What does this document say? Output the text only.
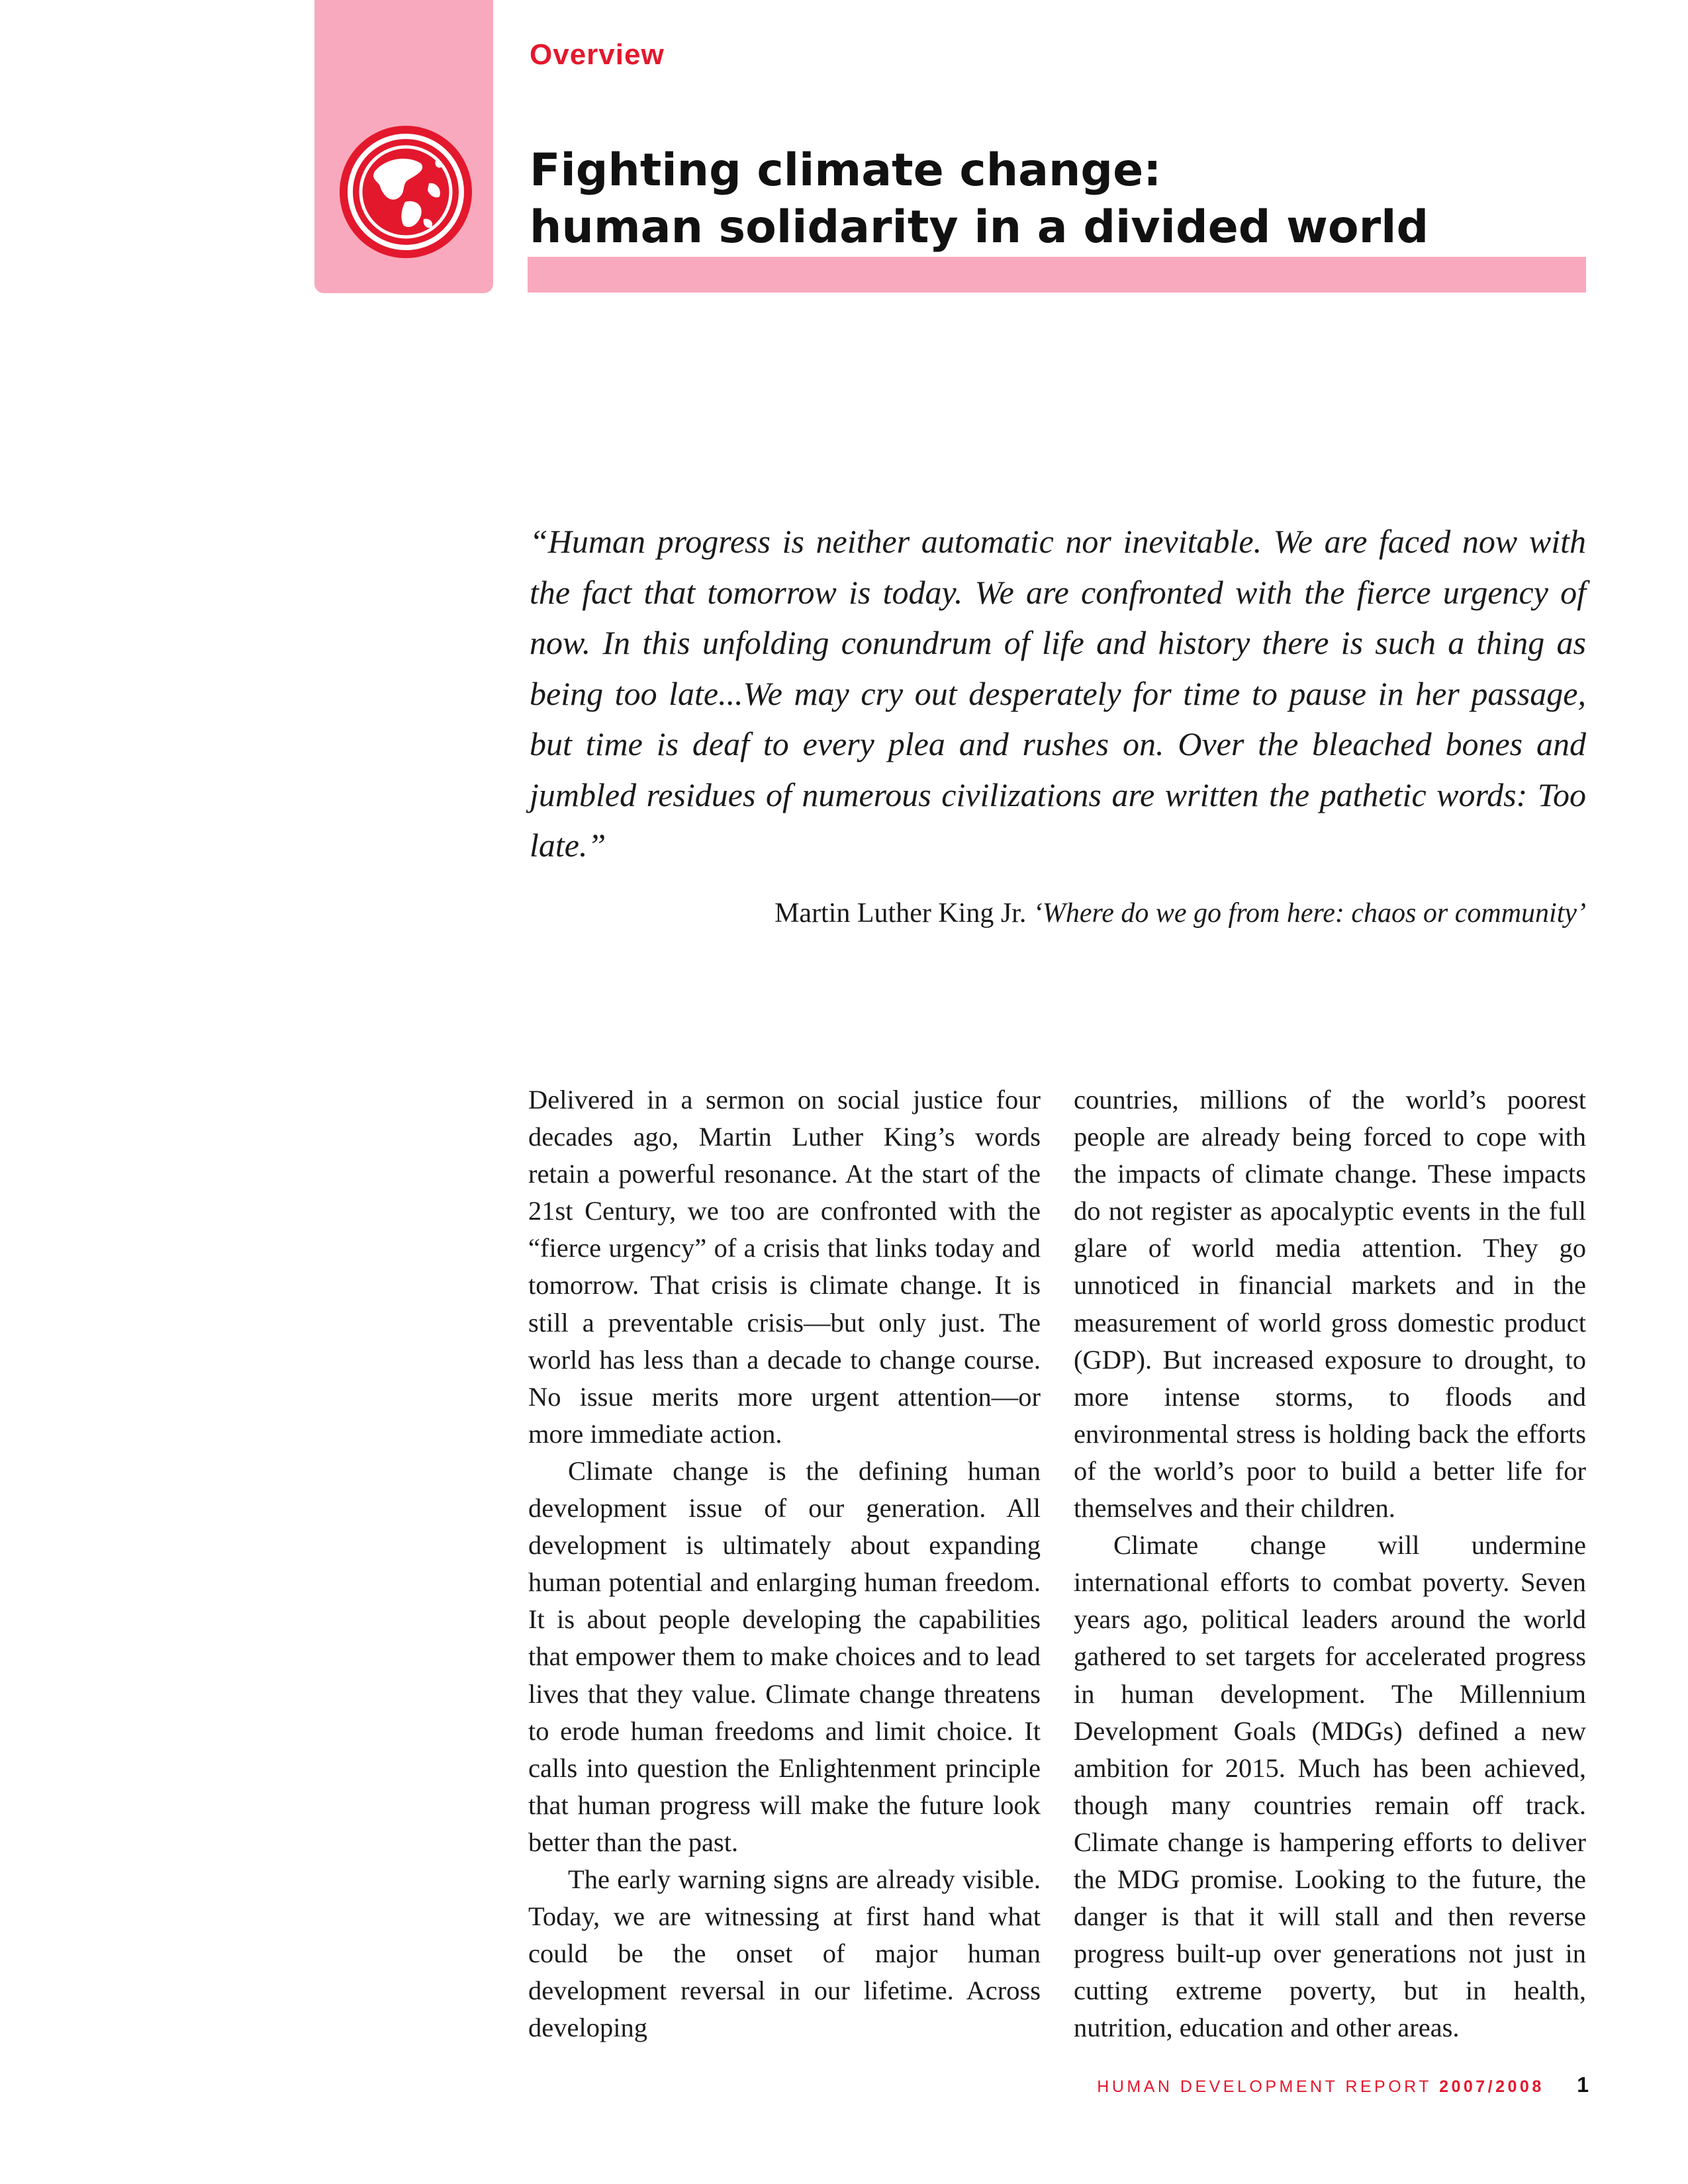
Overview
Fighting climate change:
human solidarity in a divided world

“Human progress is neither automatic nor inevitable. We are faced now with the fact that tomorrow is today. We are confronted with the fierce urgency of now. In this unfolding conundrum of life and history there is such a thing as being too late...We may cry out desperately for time to pause in her passage, but time is deaf to every plea and rushes on. Over the bleached bones and jumbled residues of numerous civilizations are written the pathetic words: Too late.”

Martin Luther King Jr. ‘Where do we go from here: chaos or community’

Delivered in a sermon on social justice four decades ago, Martin Luther King’s words retain a powerful resonance. At the start of the 21st Century, we too are confronted with the “fierce urgency” of a crisis that links today and tomorrow. That crisis is climate change. It is still a preventable crisis—but only just. The world has less than a decade to change course. No issue merits more urgent attention—or more immediate action.

Climate change is the defining human development issue of our generation. All development is ultimately about expanding human potential and enlarging human freedom. It is about people developing the capabilities that empower them to make choices and to lead lives that they value. Climate change threatens to erode human freedoms and limit choice. It calls into question the Enlightenment principle that human progress will make the future look better than the past.

The early warning signs are already visible. Today, we are witnessing at first hand what could be the onset of major human development reversal in our lifetime. Across developing

countries, millions of the world’s poorest people are already being forced to cope with the impacts of climate change. These impacts do not register as apocalyptic events in the full glare of world media attention. They go unnoticed in financial markets and in the measurement of world gross domestic product (GDP). But increased exposure to drought, to more intense storms, to floods and environmental stress is holding back the efforts of the world’s poor to build a better life for themselves and their children.

Climate change will undermine international efforts to combat poverty. Seven years ago, political leaders around the world gathered to set targets for accelerated progress in human development. The Millennium Development Goals (MDGs) defined a new ambition for 2015. Much has been achieved, though many countries remain off track. Climate change is hampering efforts to deliver the MDG promise. Looking to the future, the danger is that it will stall and then reverse progress built-up over generations not just in cutting extreme poverty, but in health, nutrition, education and other areas.

HUMAN DEVELOPMENT REPORT 2007/2008 1
